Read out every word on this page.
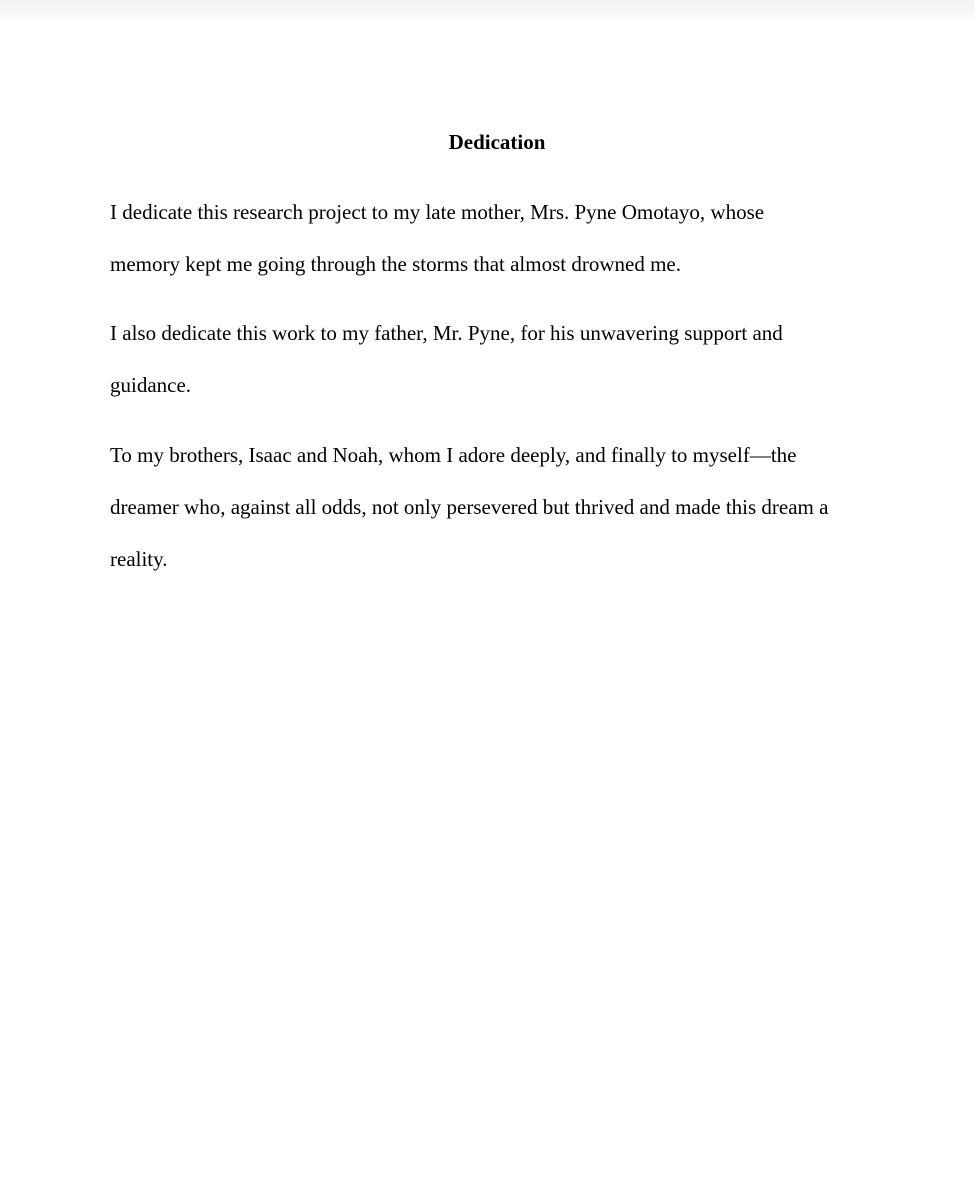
Dedication

I dedicate this research project to my late mother, Mrs. Pyne Omotayo, whose
memory kept me going through the storms that almost drowned me.

I also dedicate this work to my father, Mr. Pyne, for his unwavering support and
guidance.

To my brothers, Isaac and Noah, whom I adore deeply, and finally to myself—the
dreamer who, against all odds, not only persevered but thrived and made this dream a
reality.
